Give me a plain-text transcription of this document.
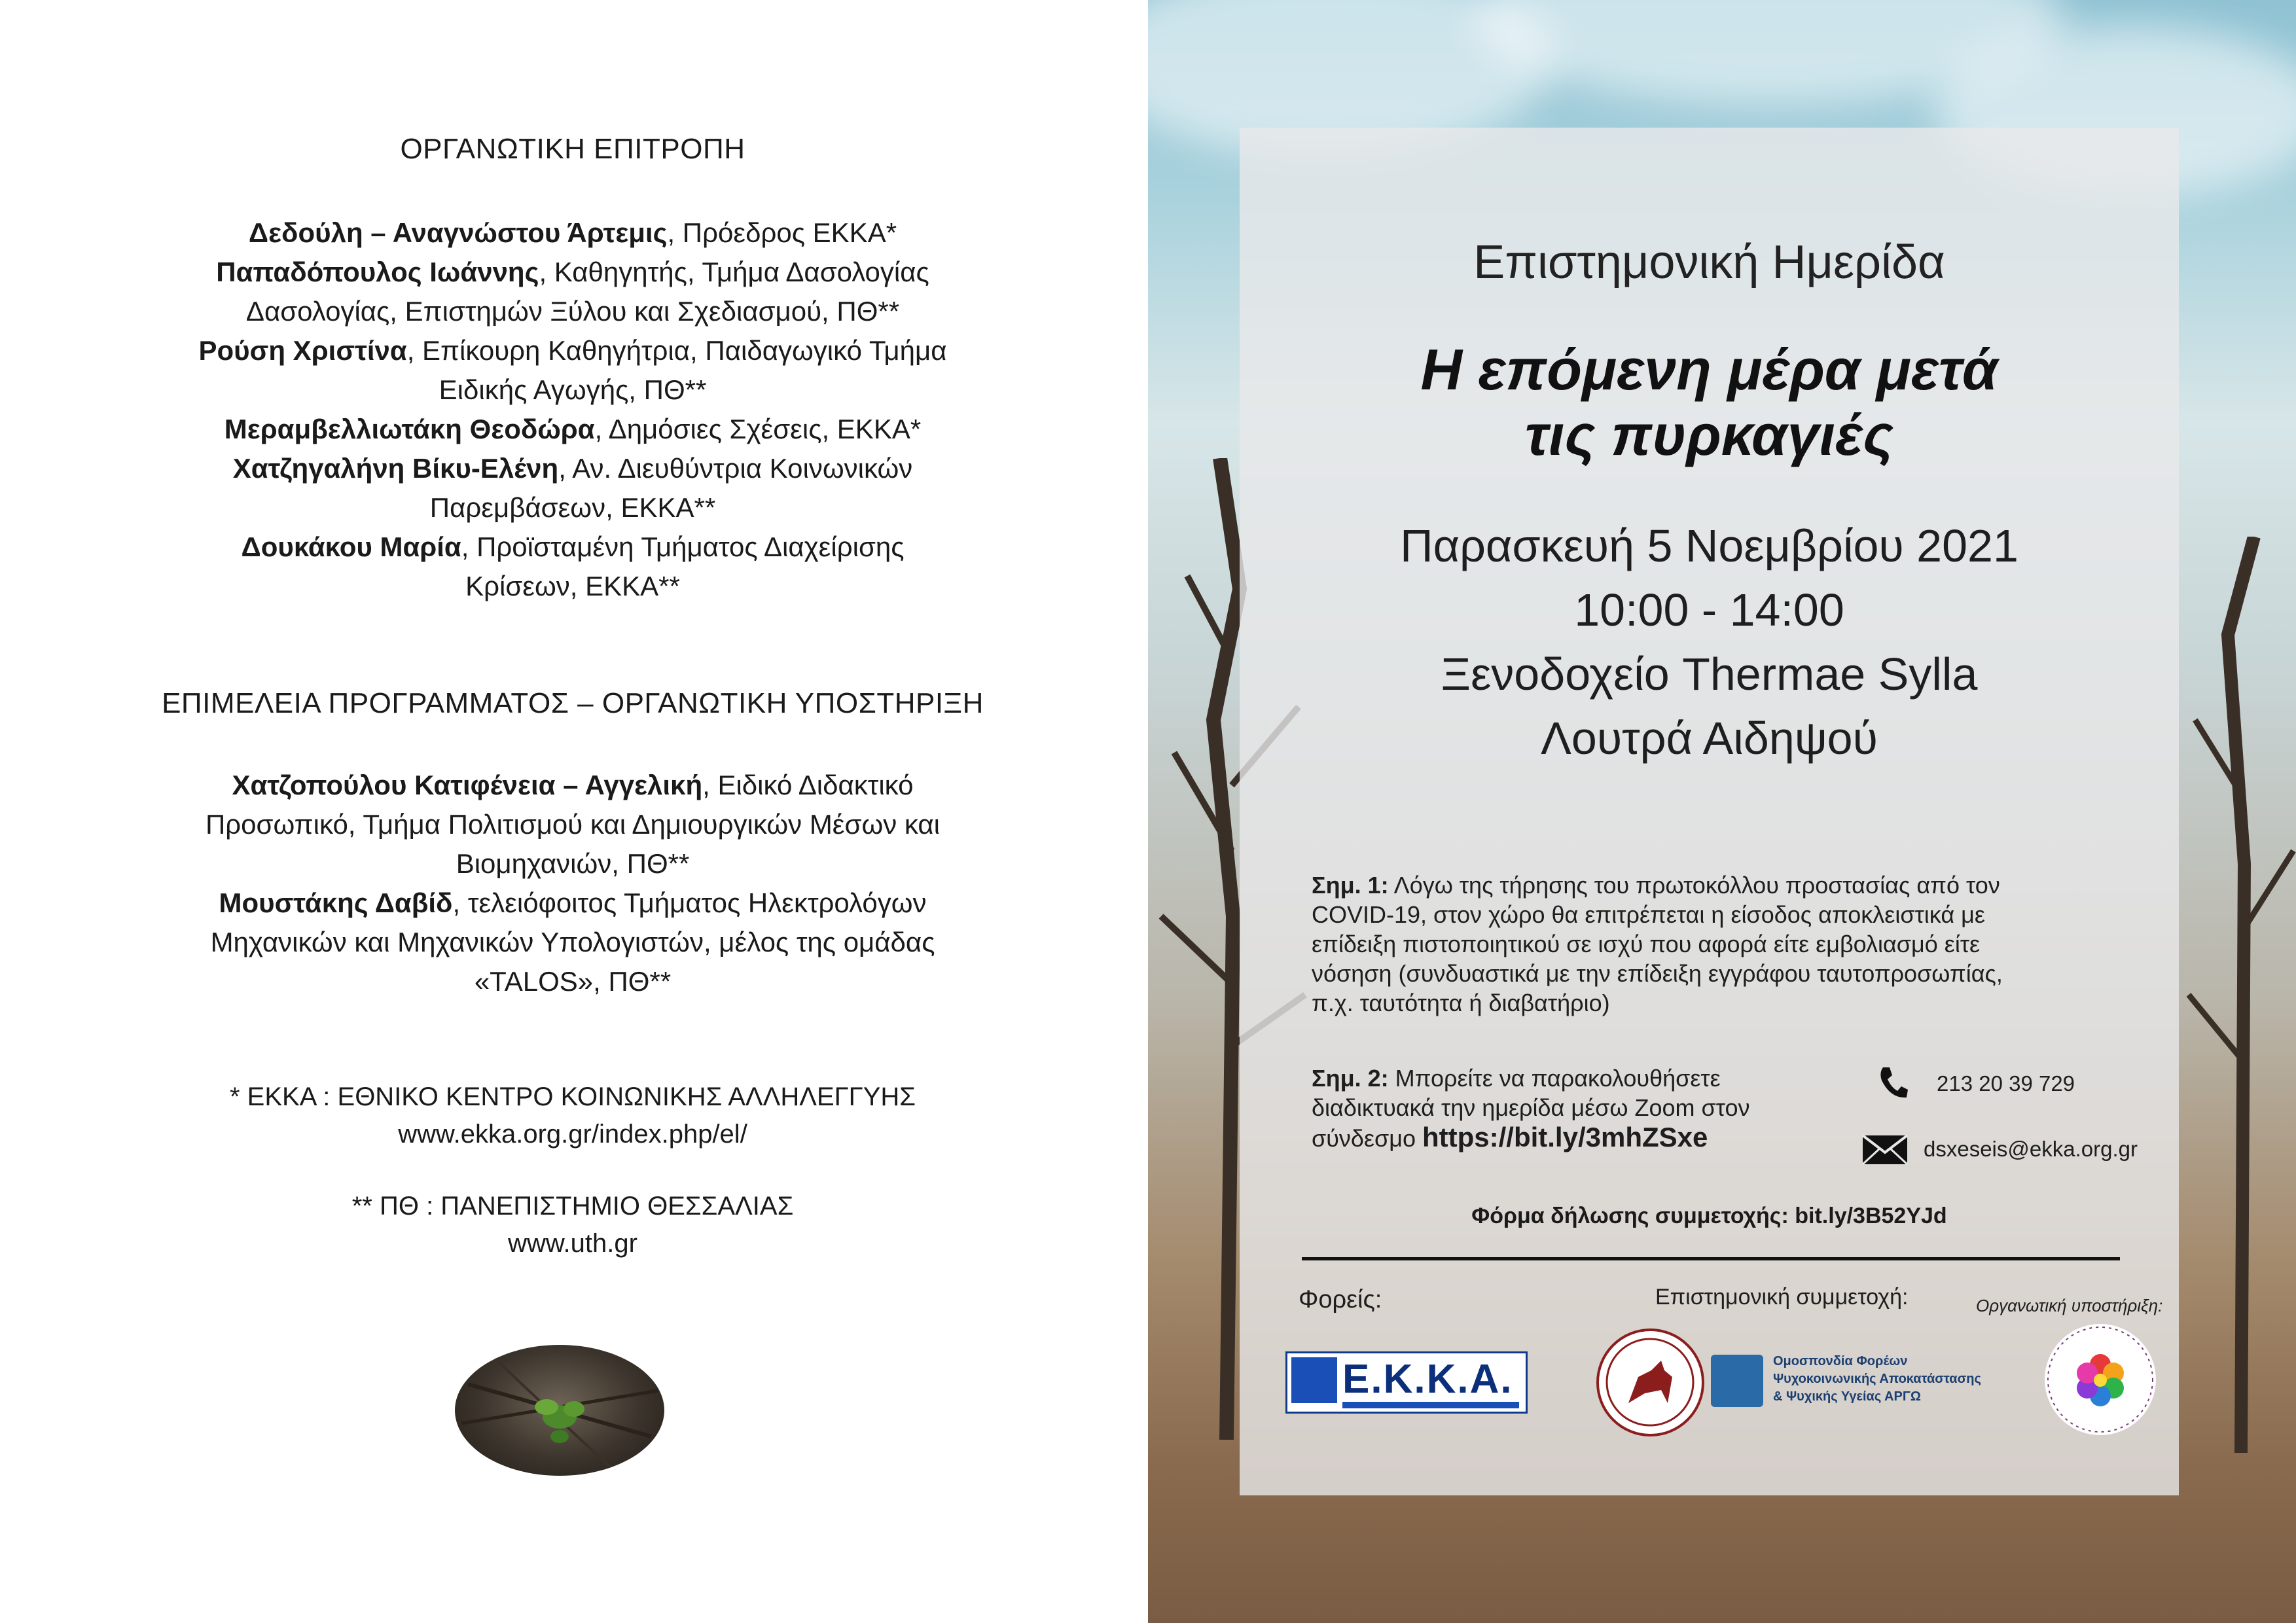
ΟΡΓΑΝΩΤΙΚΗ ΕΠΙΤΡΟΠΗ

Δεδούλη – Αναγνώστου Άρτεμις, Πρόεδρος ΕΚΚΑ*

Παπαδόπουλος Ιωάννης, Καθηγητής, Τμήμα Δασολογίας

Δασολογίας, Επιστημών Ξύλου και Σχεδιασμού, ΠΘ**

Ρούση Χριστίνα, Επίκουρη Καθηγήτρια, Παιδαγωγικό Τμήμα

Ειδικής Αγωγής, ΠΘ**

Μεραμβελλιωτάκη Θεοδώρα, Δημόσιες Σχέσεις, ΕΚΚΑ*

Χατζηγαλήνη Βίκυ-Ελένη, Αν. Διευθύντρια Κοινωνικών

Παρεμβάσεων, ΕΚΚΑ**

Δουκάκου Μαρία, Προϊσταμένη Τμήματος Διαχείρισης

Κρίσεων, ΕΚΚΑ**

ΕΠΙΜΕΛΕΙΑ ΠΡΟΓΡΑΜΜΑΤΟΣ – ΟΡΓΑΝΩΤΙΚΗ ΥΠΟΣΤΗΡΙΞΗ

Χατζοπούλου Κατιφένεια – Αγγελική, Ειδικό Διδακτικό

Προσωπικό, Τμήμα Πολιτισμού και Δημιουργικών Μέσων και

Βιομηχανιών, ΠΘ**

Μουστάκης Δαβίδ, τελειόφοιτος Τμήματος Ηλεκτρολόγων

Μηχανικών και Μηχανικών Υπολογιστών, μέλος της ομάδας

«TALOS», ΠΘ**

* ΕΚΚΑ : ΕΘΝΙΚΟ ΚΕΝΤΡΟ ΚΟΙΝΩΝΙΚΗΣ ΑΛΛΗΛΕΓΓΥΗΣ

www.ekka.org.gr/index.php/el/

** ΠΘ : ΠΑΝΕΠΙΣΤΗΜΙΟ ΘΕΣΣΑΛΙΑΣ

www.uth.gr

Επιστημονική Ημερίδα
Η επόμενη μέρα μετά
τις πυρκαγιές
Παρασκευή 5 Νοεμβρίου 2021
10:00 - 14:00
Ξενοδοχείο Thermae Sylla
Λουτρά Αιδηψού
Σημ. 1: Λόγω της τήρησης του πρωτοκόλλου προστασίας από τον
COVID-19, στον χώρο θα επιτρέπεται η είσοδος αποκλειστικά με
επίδειξη πιστοποιητικού σε ισχύ που αφορά είτε εμβολιασμό είτε
νόσηση (συνδυαστικά με την επίδειξη εγγράφου ταυτοπροσωπίας,
π.χ. ταυτότητα ή διαβατήριο)
Σημ. 2: Μπορείτε να παρακολουθήσετε
διαδικτυακά την ημερίδα μέσω Zoom στον
σύνδεσμο https://bit.ly/3mhZSxe
213 20 39 729
dsxeseis@ekka.org.gr
Φόρμα δήλωσης συμμετοχής: bit.ly/3B52YJd
Φορείς:	Επιστημονική συμμετοχή:	Οργανωτική υποστήριξη:
Ε.Κ.Κ.Α.	Ομοσπονδία Φορέων
Ψυχοκοινωνικής Αποκατάστασης
& Ψυχικής Υγείας ΑΡΓΩ
